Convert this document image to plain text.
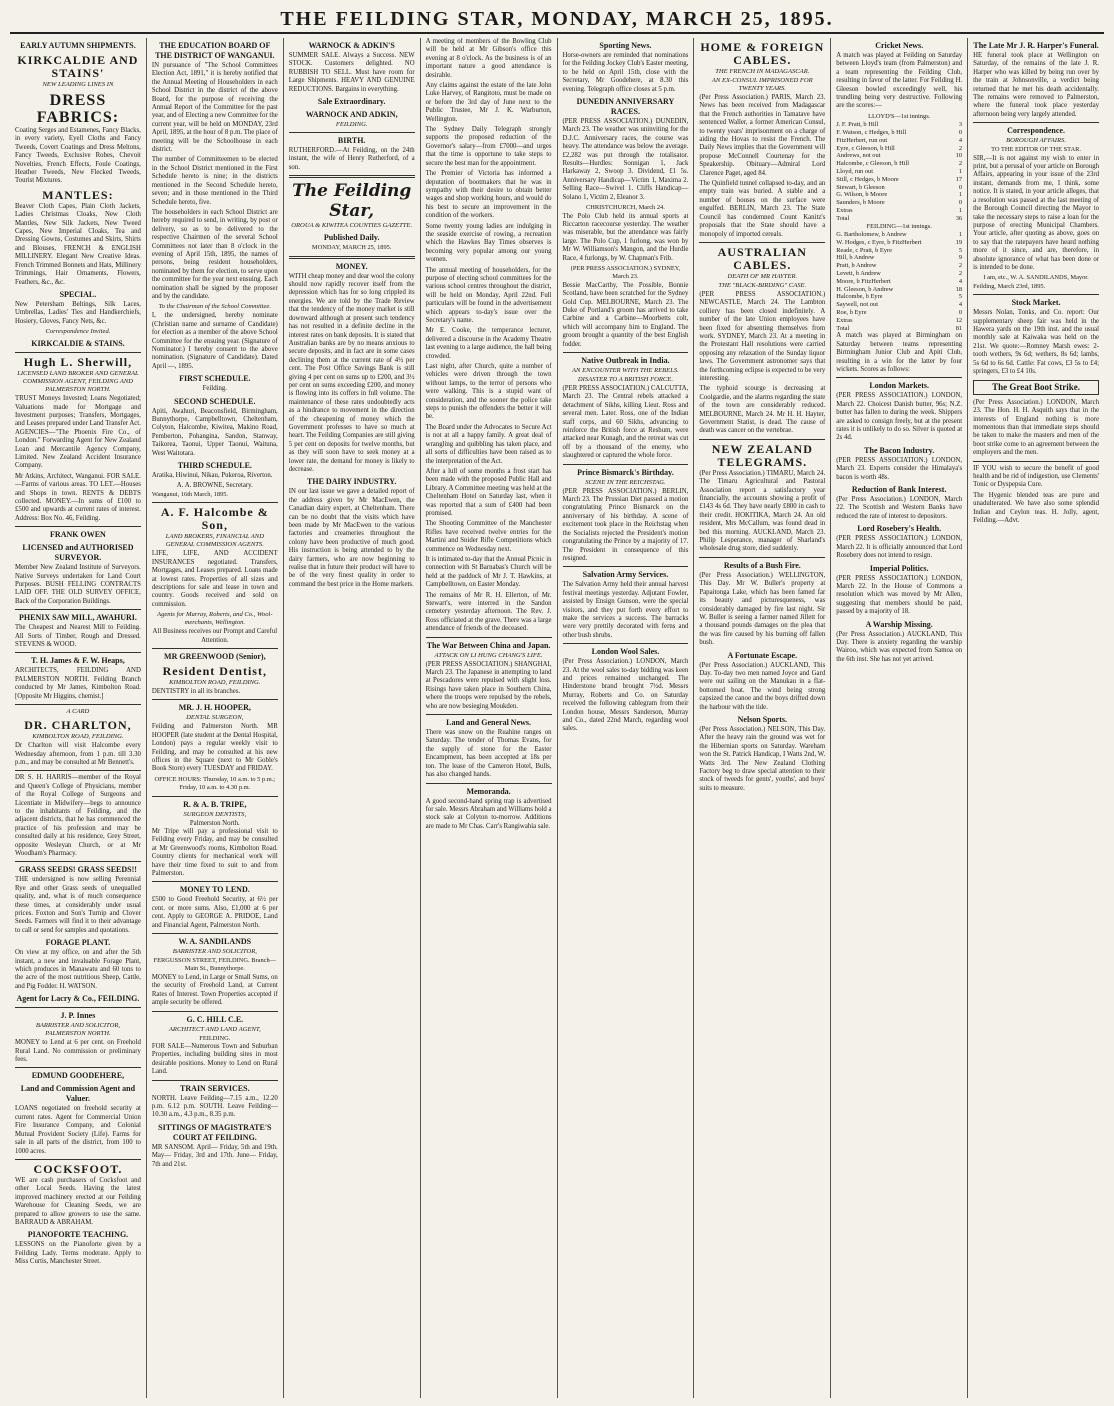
THE FEILDING STAR, MONDAY, MARCH 25, 1895.
EARLY AUTUMN SHIPMENTS.
KIRKCALDIE AND STAINS'
NEW LEADING LINES IN
DRESS FABRICS:

Coating Serges and Estamenes, Fancy Blacks, in every variety, Eyell Cloths and Fancy Tweeds, Covert Coatings and Dress Meltons, Fancy Tweeds, Exclusive Robes, Chevoit Novelties, French Effects, Foule Coatings, Heather Tweeds, New Flecked Tweeds, Tourist Mixtures.

MANTLES:

Beaver Cloth Capes, Plain Cloth Jackets, Ladies Christmas Cloaks, New Cloth Mantles, New Silk Jackets, New Tweed Capes, New Imperial Cloaks, Tea and Dressing Gowns, Costumes and Skirts, Shirts and Blouses, FRENCH & ENGLISH MILLINERY. Elegant New Creative Ideas. French Trimmed Bonnets and Hats, Millinery Trimmings, Hair Ornaments, Flowers, Feathers, &c., &c.

SPECIAL.

New Petersham Beltings, Silk Laces, Umbrellas, Ladies' Ties and Handkerchiefs, Hosiery, Gloves, Fancy Nets, &c.

Correspondence Invited.
KIRKCALDIE & STAINS.
Hugh L. Sherwill,
LICENSED LAND BROKER AND GENERAL COMMISSION AGENT, FEILDING AND PALMERSTON NORTH.

TRUST Moneys Invested; Loans Negotiated; Valuations made for Mortgage and Investment purposes; Transfers, Mortgages, and Leases prepared under Land Transfer Act. AGENCIES—"The Phoenix Fire Co., of London." Forwarding Agent for New Zealand Loan and Mercantile Agency Company, Limited. New Zealand Accident Insurance Company.

Mr Atkins, Architect, Wanganui. FOR SALE.—Farms of various areas. TO LET.—Houses and Shops in town. RENTS & DEBTS collected. MONEY.—In sums of £100 to £500 and upwards at current rates of interest. Address: Box No. 46, Feilding.

FRANK OWEN
LICENSED and AUTHORISED SURVEYOR.

Member New Zealand Institute of Surveyors. Native Surveys undertaken for Land Court Purposes. BUSH FELLING CONTRACTS LAID OFF. THE OLD SURVEY OFFICE, Back of the Corporation Buildings.

PHENIX SAW MILL, AWAHURI.

The Cheapest and Nearest Mill to Feilding. All Sorts of Timber, Rough and Dressed. STEVENS & WOOD.

T. H. James & F. W. Heaps,

ARCHITECTS, FEILDING AND PALMERSTON NORTH. Feilding Branch conducted by Mr James, Kimbolton Road. [Opposite Mr Higgins, chemist.]

A CARD
DR. CHARLTON,
KIMBOLTON ROAD, FEILDING.

Dr Charlton will visit Halcombe every Wednesday afternoon, from 1 p.m. till 3.30 p.m., and may be consulted at Mr Bennett's.

DR S. H. HARRIS—member of the Royal and Queen's College of Physicians, member of the Royal College of Surgeons and Licentiate in Midwifery—begs to announce to the inhabitants of Feilding, and the adjacent districts, that he has commenced the practice of his profession and may be consulted daily at his residence, Grey Street, opposite Wesleyan Church, or at Mr Woodham's Pharmacy.

GRASS SEEDS! GRASS SEEDS!!

THE undersigned is now selling Perennial Rye and other Grass seeds of unequalled quality, and, what is of much consequence these times, at considerably under usual prices. Foxton and Son's Turnip and Clover Seeds. Farmers will find it to their advantage to call or send for samples and quotations.

FORAGE PLANT.

On view at my office, on and after the 5th instant, a new and invaluable Forage Plant, which produces in Manawatu and 60 tons to the acre of the most nutritious Sheep, Cattle, and Pig Fodder. H. WATSON.

Agent for Lacry & Co., FEILDING.
J. P. Innes
BARRISTER AND SOLICITOR, PALMERSTON NORTH.

MONEY to Lend at 6 per cent. on Freehold Rural Land. No commission or preliminary fees.

EDMUND GOODEHERE,
Land and Commission Agent and Valuer.

LOANS negotiated on freehold security at current rates. Agent for Commercial Union Fire Insurance Company, and Colonial Mutual Provident Society (Life). Farms for sale in all parts of the district, from 100 to 1000 acres.

COCKSFOOT.

WE are cash purchasers of Cocksfoot and other Local Seeds. Having the latest improved machinery erected at our Feilding Warehouse for Cleaning Seeds, we are prepared to allow growers to use the same. BARRAUD & ABRAHAM.

PIANOFORTE TEACHING.

LESSONS on the Pianoforte given by a Feilding Lady. Terms moderate. Apply to Miss Curtis, Manchester Street.

THE EDUCATION BOARD OF THE DISTRICT OF WANGANUI.

IN pursuance of "The School Committees Election Act, 1891," it is hereby notified that the Annual Meeting of Householders in each School District in the district of the above Board, for the purpose of receiving the Annual Report of the Committee for the past year, and of Electing a new Committee for the current year, will be held on MONDAY, 23rd April, 1895, at the hour of 8 p.m. The place of meeting will be the Schoolhouse in each district.

The number of Committeemen to be elected in the School District mentioned in the First Schedule hereto is nine; in the districts mentioned in the Second Schedule hereto, seven; and in those mentioned in the Third Schedule hereto, five.

The householders in each School District are hereby required to send, in writing, by post or delivery, so as to be delivered to the respective Chairmen of the several School Committees not later than 8 o'clock in the evening of April 15th, 1895, the names of persons, being resident householders, nominated by them for election, to serve upon the committee for the year next ensuing. Each nomination shall be signed by the proposer and by the candidate.

To the Chairman of the School Committee.

I, the undersigned, hereby nominate (Christian name and surname of Candidate) for election as a member of the above School Committee for the ensuing year. (Signature of Nominator.) I hereby consent to the above nomination. (Signature of Candidate). Dated April —, 1895.

FIRST SCHEDULE.
Feilding.
SECOND SCHEDULE.

Apiti, Awahuri, Beaconsfield, Birmingham, Bunnythorpe, Campbelltown, Cheltenham, Colyton, Halcombe, Kiwitea, Makino Road, Pemberton, Pohangina, Sandon, Stanway, Taikorea, Taonui, Upper Taonui, Waituna, West Waitotara.

THIRD SCHEDULE.

Aratika, Hiwinui, Nikau, Pukeroa, Riverton.

A. A. BROWNE, Secretary.
Wanganui, 16th March, 1895.
A. F. Halcombe & Son,
LAND BROKERS, FINANCIAL AND GENERAL COMMISSION AGENTS.

LIFE, LIFE, AND ACCIDENT INSURANCES negotiated. Transfers, Mortgages, and Leases prepared. Loans made at lowest rates. Properties of all sizes and descriptions for sale and lease in town and country. Goods received and sold on commission.

Agents for Murray, Roberts, and Co., Wool-merchants, Wellington.
All Business receives our Prompt and Careful Attention.
MR GREENWOOD (Senior),
Resident Dentist,
KIMBOLTON ROAD, FEILDING.

DENTISTRY in all its branches.

MR. J. H. HOOPER,
DENTAL SURGEON,

Feilding and Palmerston North. MR HOOPER (late student at the Dental Hospital, London) pays a regular weekly visit to Feilding, and may be consulted at his new offices in the Square (next to Mr Goble's Book Store) every TUESDAY and FRIDAY.

OFFICE HOURS: Thursday, 10 a.m. to 5 p.m.; Friday, 10 a.m. to 4.30 p.m.
R. & A. B. TRIPE,
SURGEON DENTISTS,
Palmerston North.

Mr Tripe will pay a professional visit to Feilding every Friday, and may be consulted at Mr Greenwood's rooms, Kimbolton Road. Country clients for mechanical work will have their time fixed to suit to and from Palmerston.

MONEY TO LEND.

£500 to Good Freehold Security, at 6½ per cent. or more sums. Also, £1,000 at 6 per cent. Apply to GEORGE A. PRIDOE, Land and Financial Agent, Palmerston North.

W. A. SANDILANDS
BARRISTER AND SOLICITOR,
FERGUSSON STREET, FEILDING. Branch—Main St., Bunnythorpe.

MONEY to Lend, in Large or Small Sums, on the security of Freehold Land, at Current Rates of Interest. Town Properties accepted if ample security be offered.

G. C. HILL C.E.
ARCHITECT AND LAND AGENT,
FEILDING.

FOR SALE—Numerous Town and Suburban Properties, including building sites in most desirable positions. Money to Lend on Rural Land.

TRAIN SERVICES.

NORTH. Leave Feilding—7.15 a.m., 12.20 p.m. 6.12 p.m. SOUTH. Leave Feilding—10.30 a.m., 4.3 p.m., 8.35 p.m.

SITTINGS OF MAGISTRATE'S COURT AT FEILDING.

MR SANSOM. April— Friday, 5th and 19th. May— Friday, 3rd and 17th. June— Friday, 7th and 21st.

WARNOCK & ADKIN'S

SUMMER SALE. Always a Success. NEW STOCK. Customers delighted. NO RUBBISH TO SELL. Must have room for Large Shipments. HEAVY AND GENUINE REDUCTIONS. Bargains in everything.

Sale Extraordinary.
WARNOCK AND ADKIN,
FEILDING.
BIRTH.

RUTHERFORD.—At Feilding, on the 24th instant, the wife of Henry Rutherford, of a son.

The Feilding Star,
OROUA & KIWITEA COUNTIES GAZETTE.
Published Daily.
MONDAY, MARCH 25, 1895.
MONEY.

WITH cheap money and dear wool the colony should now rapidly recover itself from the depression which has for so long crippled its energies. We are told by the Trade Review that the tendency of the money market is still downward although at present such tendency has not resulted in a definite decline in the interest rates on bank deposits. It is stated that Australian banks are by no means anxious to secure deposits, and in fact are in some cases declining them at the current rate of 4½ per cent. The Post Office Savings Bank is still giving 4 per cent on sums up to £200, and 3½ per cent on sums exceeding £200, and money is flowing into its coffers in full volume. The maintenance of these rates undoubtedly acts as a hindrance to movement in the direction of the cheapening of money which the Government professes to have so much at heart. The Feilding Companies are still giving 5 per cent on deposits for twelve months, but as they will soon have to seek money at a lower rate, the demand for money is likely to decrease.

THE DAIRY INDUSTRY.

IN our last issue we gave a detailed report of the address given by Mr MacEwen, the Canadian dairy expert, at Cheltenham. There can be no doubt that the visits which have been made by Mr MacEwen to the various factories and creameries throughout the colony have been productive of much good. His instruction is being attended to by the dairy farmers, who are now beginning to realise that in future their product will have to be of the very finest quality in order to command the best price in the Home markets.

A meeting of members of the Bowling Club will be held at Mr Gibson's office this evening at 8 o'clock. As the business is of an important nature a good attendance is desirable.

Any claims against the estate of the late John Luke Harvey, of Rangitoto, must be made on or before the 3rd day of June next to the Public Trustee, Mr J. K. Warburton, Wellington.

The Sydney Daily Telegraph strongly supports the proposed reduction of the Governor's salary—from £7000—and urges that the time is opportune to take steps to secure the best man for the appointment.

The Premier of Victoria has informed a deputation of bootmakers that he was in sympathy with their desire to obtain better wages and shop working hours, and would do his best to secure an improvement in the condition of the workers.

Some twenty young ladies are indulging in the seaside exercise of rowing, a recreation which the Hawkes Bay Times observes is becoming very popular among our young women.

The annual meeting of householders, for the purpose of electing school committees for the various school centres throughout the district, will be held on Monday, April 22nd. Full particulars will be found in the advertisement which appears to-day's issue over the Secretary's name.

Mr E. Cooke, the temperance lecturer, delivered a discourse in the Academy Theatre last evening to a large audience, the hall being crowded.

Last night, after Church, quite a number of vehicles were driven through the town without lamps, to the terror of persons who were walking. This is a stupid want of consideration, and the sooner the police take steps to punish the offenders the better it will be.

The Board under the Advocates to Secure Act is not at all a happy family. A great deal of wrangling and quibbling has taken place, and all sorts of difficulties have been raised as to the interpretation of the Act.

After a lull of some months a frost start has been made with the proposed Public Hall and Library. A Committee meeting was held at the Cheltenham Hotel on Saturday last, when it was reported that a sum of £400 had been promised.

The Shooting Committee of the Manchester Rifles have received twelve entries for the Martini and Snider Rifle Competitions which commence on Wednesday next.

It is intimated to-day that the Annual Picnic in connection with St Barnabas's Church will be held at the paddock of Mr J. T. Hawkins, at Campbelltown, on Easter Monday.

The remains of Mr R. H. Ellerton, of Mr. Stewart's, were interred in the Sandon cemetery yesterday afternoon. The Rev. J. Ross officiated at the grave. There was a large attendance of friends of the deceased.

The War Between China and Japan.
ATTACK ON LI HUNG CHANG'S LIFE.

(PER PRESS ASSOCIATION.) SHANGHAI, March 23. The Japanese in attempting to land at Pescadores were repulsed with slight loss. Risings have taken place in Southern China, where the troops were repulsed by the rebels, who are now besieging Moukden.

Land and General News.

There was snow on the Ruahine ranges on Saturday. The tender of Thomas Evans, for the supply of stone for the Easter Encampment, has been accepted at 18s per ton. The lease of the Cameron Hotel, Bulls, has also changed hands.

Memoranda.

A good second-hand spring trap is advertised for sale. Messrs Abraham and Williams hold a stock sale at Colyton to-morrow. Additions are made to Mr Chas. Carr's Rangiwahia sale.

Sporting News.

Horse-owners are reminded that nominations for the Feilding Jockey Club's Easter meeting, to be held on April 15th, close with the Secretary, Mr Goodehere, at 8.30 this evening. Telegraph office closes at 5 p.m.

DUNEDIN ANNIVERSARY RACES.

(PER PRESS ASSOCIATION.) DUNEDIN, March 23. The weather was uninviting for the D.J.C. Anniversary races, the course was heavy. The attendance was below the average. £2,282 was put through the totalisator. Results—Hurdles: Sonnigan 1, Jack Harkaway 2, Swoop 3. Dividend, £1 5s. Anniversary Handicap—Victim 1, Maxima 2. Selling Race—Swivel 1. Cliffs Handicap—Solano 1, Victim 2, Eleanor 3.

CHRISTCHURCH, March 24.

The Polo Club held its annual sports at Riccarton racecourse yesterday. The weather was miserable, but the attendance was fairly large. The Polo Cup, 1 furlong, was won by Mr W. Williamson's Mangon, and the Hurdle Race, 4 furlongs, by W. Chapman's Frib.

(PER PRESS ASSOCIATION.) SYDNEY, March 23.

Bessie MacCarthy, The Possible, Bonnie Scotland, have been scratched for the Sydney Gold Cup. MELBOURNE, March 23. The Duke of Portland's groom has arrived to take Carbine and a Carbine—Moorbetts colt, which will accompany him to England. The groom brought a quantity of the best English fodder.

Native Outbreak in India.
AN ENCOUNTER WITH THE REBELS.
DISASTER TO A BRITISH FORCE.

(PER PRESS ASSOCIATION.) CALCUTTA, March 23. The Central rebels attacked a detachment of Sikhs, killing Lieut. Ross and several men. Later. Ross, one of the Indian staff corps, and 60 Sikhs, advancing to reinforce the British force at Reshum, were attacked near Kunagh, and the retreat was cut off by a thousand of the enemy, who slaughtered or captured the whole force.

Prince Bismarck's Birthday.
SCENE IN THE REICHSTAG.

(PER PRESS ASSOCIATION.) BERLIN, March 23. The Prussian Diet passed a motion congratulating Prince Bismarck on the anniversary of his birthday. A scene of excitement took place in the Reichstag when the Socialists rejected the President's motion congratulating the Prince by a majority of 17. The President in consequence of this resigned.

Salvation Army Services.

The Salvation Army held their annual harvest festival meetings yesterday. Adjutant Fowler, assisted by Ensign Gunson, were the special visitors, and they put forth every effort to make the services a success. The barracks were very prettily decorated with ferns and other bush shrubs.

London Wool Sales.

(Per Press Association.) LONDON, March 23. At the wool sales to-day bidding was keen and prices remained unchanged. The Hinderstone brand brought 7½d. Messrs Murray, Roberts and Co. on Saturday received the following cablegram from their London house, Messrs Sanderson, Murray and Co., dated 22nd March, regarding wool sales.

HOME & FOREIGN CABLES.
THE FRENCH IN MADAGASCAR.
AN EX-CONSUL IMPRISONED FOR TWENTY YEARS.

(Per Press Association.) PARIS, March 23. News has been received from Madagascar that the French authorities in Tamatave have sentenced Waller, a former American Consul, to twenty years' imprisonment on a charge of aiding the Hovas to resist the French. The Daily News implies that the Government will propose McConnell Courtenay for the Speakership. Obituary—Admiral Lord Clarence Paget, aged 84.

The Quinfield tunnel collapsed to-day, and an empty train was buried. A stable and a number of houses on the surface were engulfed. BERLIN, March 23. The State Council has condemned Count Kanitz's proposals that the State should have a monopoly of imported cereals.

AUSTRALIAN CABLES.
DEATH OF MR HAYTER.
THE "BLACK-BIRDING" CASE.

(PER PRESS ASSOCIATION.) NEWCASTLE, March 24. The Lambton colliery has been closed indefinitely. A number of the late Union employees have been fixed for absenting themselves from work. SYDNEY, March 23. At a meeting in the Protestant Hall resolutions were carried opposing any relaxation of the Sunday liquor laws. The Government astronomer says that the forthcoming eclipse is expected to be very interesting.

The typhoid scourge is decreasing at Coolgardie, and the alarms regarding the state of the town are considerably reduced. MELBOURNE, March 24. Mr H. H. Hayter, Government Statist, is dead. The cause of death was cancer on the vertebrae.

NEW ZEALAND TELEGRAMS.

(Per Press Association.) TIMARU, March 24. The Timaru Agricultural and Pastoral Association report a satisfactory year financially, the accounts showing a profit of £143 4s 6d. They have nearly £800 in cash to their credit. HOKITIKA, March 24. An old resident, Mrs McCallum, was found dead in bed this morning. AUCKLAND, March 23. Philip Lesperance, manager of Sharland's wholesale drug store, died suddenly.

Results of a Bush Fire.

(Per Press Association.) WELLINGTON, This Day. Mr W. Buller's property at Papaitonga Lake, which has been famed far its beauty and picturesqueness, was considerably damaged by fire last night. Sir W. Buller is seeing a farmer named Jillett for a thousand pounds damages on the plea that the was fire caused by his burning off fallen bush.

A Fortunate Escape.

(Per Press Association.) AUCKLAND, This Day. To-day two men named Joyce and Gard were out sailing on the Manukau in a flat-bottomed boat. The wind being strong capsized the canoe and the boys drifted down the harbour with the tide.

Nelson Sports.

(Per Press Association.) NELSON, This Day. After the heavy rain the ground was wet for the Hibernian sports on Saturday. Wareham won the St. Patrick Handicap, I Watts 2nd, W. Watts 3rd. The New Zealand Clothing Factory beg to draw special attention to their stock of tweeds for gents', youths', and boys' suits to measure.

Cricket News.

A match was played at Feilding on Saturday between Lloyd's team (from Palmerston) and a team representing the Feilding Club, resulting in favor of the latter. For Feilding H. Gleeson bowled exceedingly well, his trundling being very destructive. Following are the scores:—

LLOYD'S—1st innings.
J. F. Pratt, b Hill	3
F. Watson, c Hedges, b Hill	0
FitzHerbert, run out	4
Eyre, c Gleeson, b Hill	2
Andrews, not out	10
Halcombe, c Gleeson, b Hill	2
Lloyd, run out	1
Still, c Hedges, b Moore	17
Stewart, b Gleeson	0
G. Wilson, b Moore	1
Saunders, b Moore	0
Extras	1
Total	36
FEILDING—1st innings.
G. Bartholomew, b Andrew	1
W. Hodges, c Eyre, b FitzHerbert	19
Reade, c Pratt, b Eyre	5
Hill, b Andrew	9
Pratt, b Andrew	2
Levett, b Andrew	2
Moore, b FitzHerbert	4
H. Gleeson, b Andrew	18
Halcombe, b Eyre	5
Saywell, not out	4
Roe, b Eyre	0
Extras	12
Total	81

A match was played at Birmingham on Saturday between teams representing Birmingham Junior Club and Apiti Club, resulting in a win for the latter by four wickets. Scores as follows:

London Markets.

(PER PRESS ASSOCIATION.) LONDON, March 22. Choicest Danish butter, 96s; N.Z. butter has fallen to during the week. Shippers are asked to consign freely, but at the present rates it is unlikely to do so. Silver is quoted at 2s 4d.

The Bacon Industry.

(PER PRESS ASSOCIATION.) LONDON, March 23. Experts consider the Himalaya's bacon is worth 48s.

Reduction of Bank Interest.

(Per Press Association.) LONDON, March 22. The Scottish and Western Banks have reduced the rate of interest to depositors.

Lord Rosebery's Health.

(PER PRESS ASSOCIATION.) LONDON, March 22. It is officially announced that Lord Rosebery does not intend to resign.

Imperial Politics.

(PER PRESS ASSOCIATION.) LONDON, March 22. In the House of Commons a resolution which was moved by Mr Allen, suggesting that members should be paid, passed by a majority of 18.

A Warship Missing.

(Per Press Association.) AUCKLAND, This Day. There is anxiety regarding the warship Wairoo, which was expected from Samoa on the 6th inst. She has not yet arrived.

The Late Mr J. R. Harper's Funeral.

HE funeral took place at Wellington on Saturday, of the remains of the late J. R. Harper who was killed by being run over by the train at Johnsonville, a verdict being returned that he met his death accidentally. The remains were removed to Palmerston, where the funeral took place yesterday afternoon being very largely attended.

Correspondence.
BOROUGH AFFAIRS.
TO THE EDITOR OF THE STAR.

SIR,—It is not against my wish to enter in print, but a perusal of your article on Borough Affairs, appearing in your issue of the 23rd instant, demands from me, I think, some notice. It is stated, in your article alleges, that a resolution was passed at the last meeting of the Borough Council directing the Mayor to take the necessary steps to raise a loan for the purpose of erecting Municipal Chambers. Your article, after quoting as above, goes on to say that the ratepayers have heard nothing more of it since, and are, therefore, in absolute ignorance of what has been done or is intended to be done.

I am, etc., W. A. SANDILANDS, Mayor.
Feilding, March 23rd, 1895.
Stock Market.

Messrs Nolan, Tonks, and Co. report: Our supplementary sheep fair was held in the Hawera yards on the 19th inst. and the usual monthly sale at Kaiwaka was held on the 21st. We quote:—Romney Marsh ewes: 2-tooth wethers, 9s 6d; wethers, 8s 6d; lambs, 5s 6d to 6s 6d. Cattle: Fat cows, £3 5s to £4; springers, £3 to £4 10s.

The Great Boot Strike.

(Per Press Association.) LONDON, March 23. The Hon. H. H. Asquith says that in the interests of England nothing is more momentous than that immediate steps should be taken to make the masters and men of the boot strike come to an agreement between the employers and the men.

IF YOU wish to secure the benefit of good health and be rid of indigestion, use Clements' Tonic or Dyspepsia Cure.

The Hygenic blended teas are pure and unadulterated. We have also some splendid Indian and Ceylon teas. H. Jolly, agent, Feilding.—Advt.
